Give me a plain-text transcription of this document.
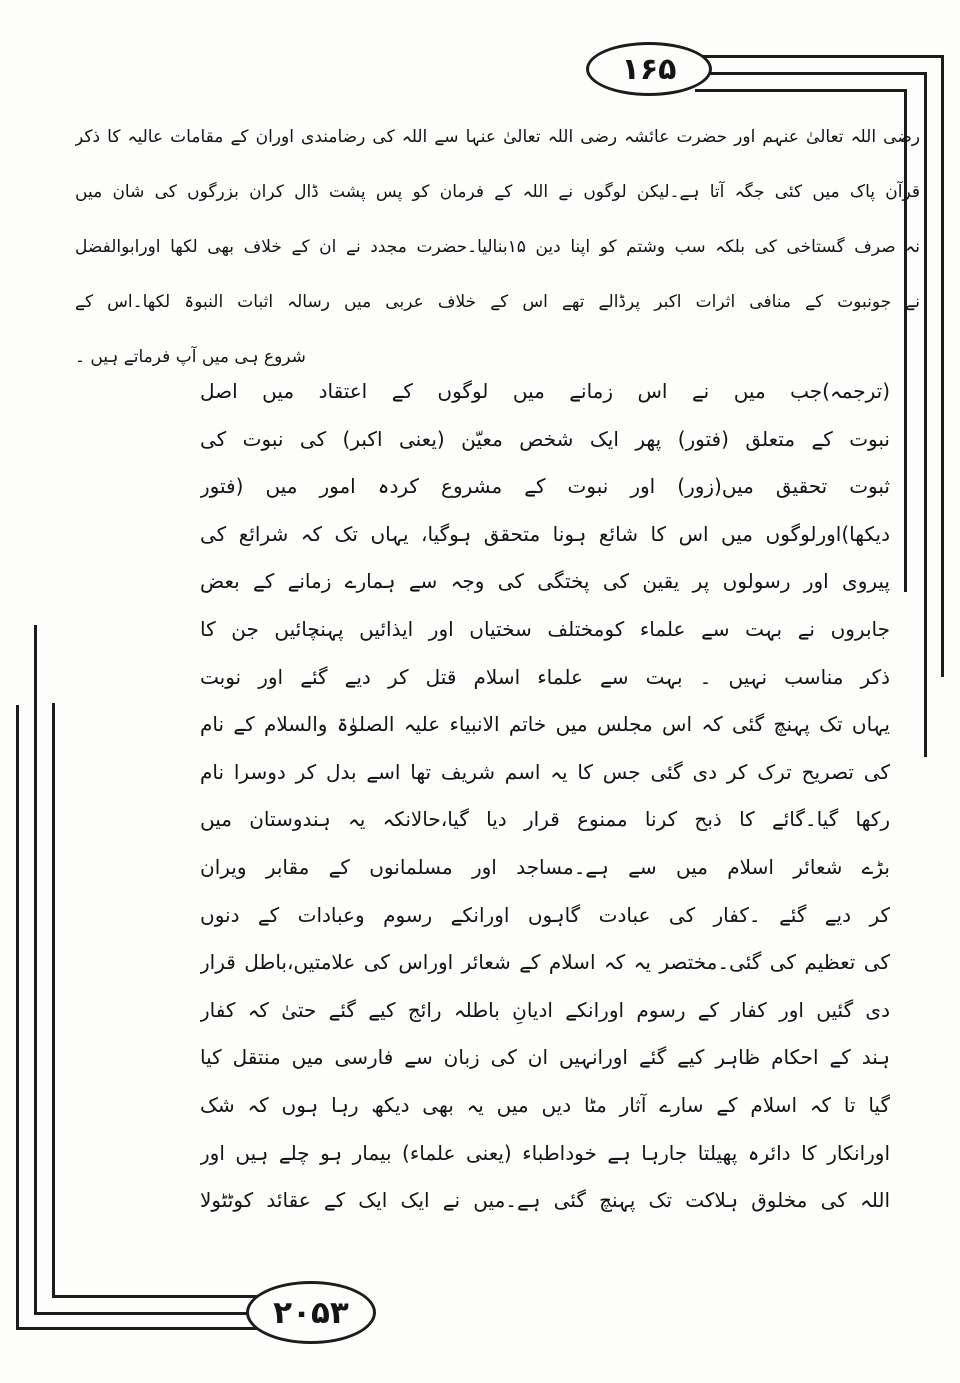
۱۶۵
۲۰۵۳
رضی اللہ تعالیٰ عنہم اور حضرت عائشہ رضی اللہ تعالیٰ عنہا سے اللہ کی رضامندی اوران کے مقامات عالیہ کا ذکر
قرآن پاک میں کئی جگہ آتا ہے۔لیکن لوگوں نے اللہ کے فرمان کو پس پشت ڈال کران بزرگوں کی شان میں
نہ صرف گستاخی کی بلکہ سب وشتم کو اپنا دین ۱۵بنالیا۔حضرت مجدد نے ان کے خلاف بھی لکھا اورابوالفضل
نے جونبوت کے منافی اثرات اکبر پرڈالے تھے اس کے خلاف عربی میں رسالہ اثبات النبوۃ لکھا۔اس کے
شروع ہی میں آپ فرماتے ہیں ۔
(ترجمہ)جب میں نے اس زمانے میں لوگوں کے اعتقاد میں اصل
نبوت کے متعلق (فتور) پھر ایک شخص معیّن (یعنی اکبر) کی نبوت کی
ثبوت تحقیق میں(زور) اور نبوت کے مشروع کردہ امور میں (فتور
دیکھا)اورلوگوں میں اس کا شائع ہونا متحقق ہوگیا، یہاں تک کہ شرائع کی
پیروی اور رسولوں پر یقین کی پختگی کی وجہ سے ہمارے زمانے کے بعض
جابروں نے بہت سے علماء کومختلف سختیاں اور ایذائیں پہنچائیں جن کا
ذکر مناسب نہیں ۔ بہت سے علماء اسلام قتل کر دیے گئے اور نوبت
یہاں تک پہنچ گئی کہ اس مجلس میں خاتم الانبیاء علیہ الصلوٰۃ والسلام کے نام
کی تصریح ترک کر دی گئی جس کا یہ اسم شریف تھا اسے بدل کر دوسرا نام
رکھا گیا۔گائے کا ذبح کرنا ممنوع قرار دیا گیا،حالانکہ یہ ہندوستان میں
بڑے شعائر اسلام میں سے ہے۔مساجد اور مسلمانوں کے مقابر ویران
کر دیے گئے ۔کفار کی عبادت گاہوں اورانکے رسوم وعبادات کے دنوں
کی تعظیم کی گئی۔مختصر یہ کہ اسلام کے شعائر اوراس کی علامتیں،باطل قرار
دی گئیں اور کفار کے رسوم اورانکے ادیانِ باطلہ رائج کیے گئے حتیٰ کہ کفار
ہند کے احکام ظاہر کیے گئے اورانہیں ان کی زبان سے فارسی میں منتقل کیا
گیا تا کہ اسلام کے سارے آثار مٹا دیں میں یہ بھی دیکھ رہا ہوں کہ شک
اورانکار کا دائرہ پھیلتا جارہا ہے خوداطباء (یعنی علماء) بیمار ہو چلے ہیں اور
اللہ کی مخلوق ہلاکت تک پہنچ گئی ہے۔میں نے ایک ایک کے عقائد کوٹٹولا
